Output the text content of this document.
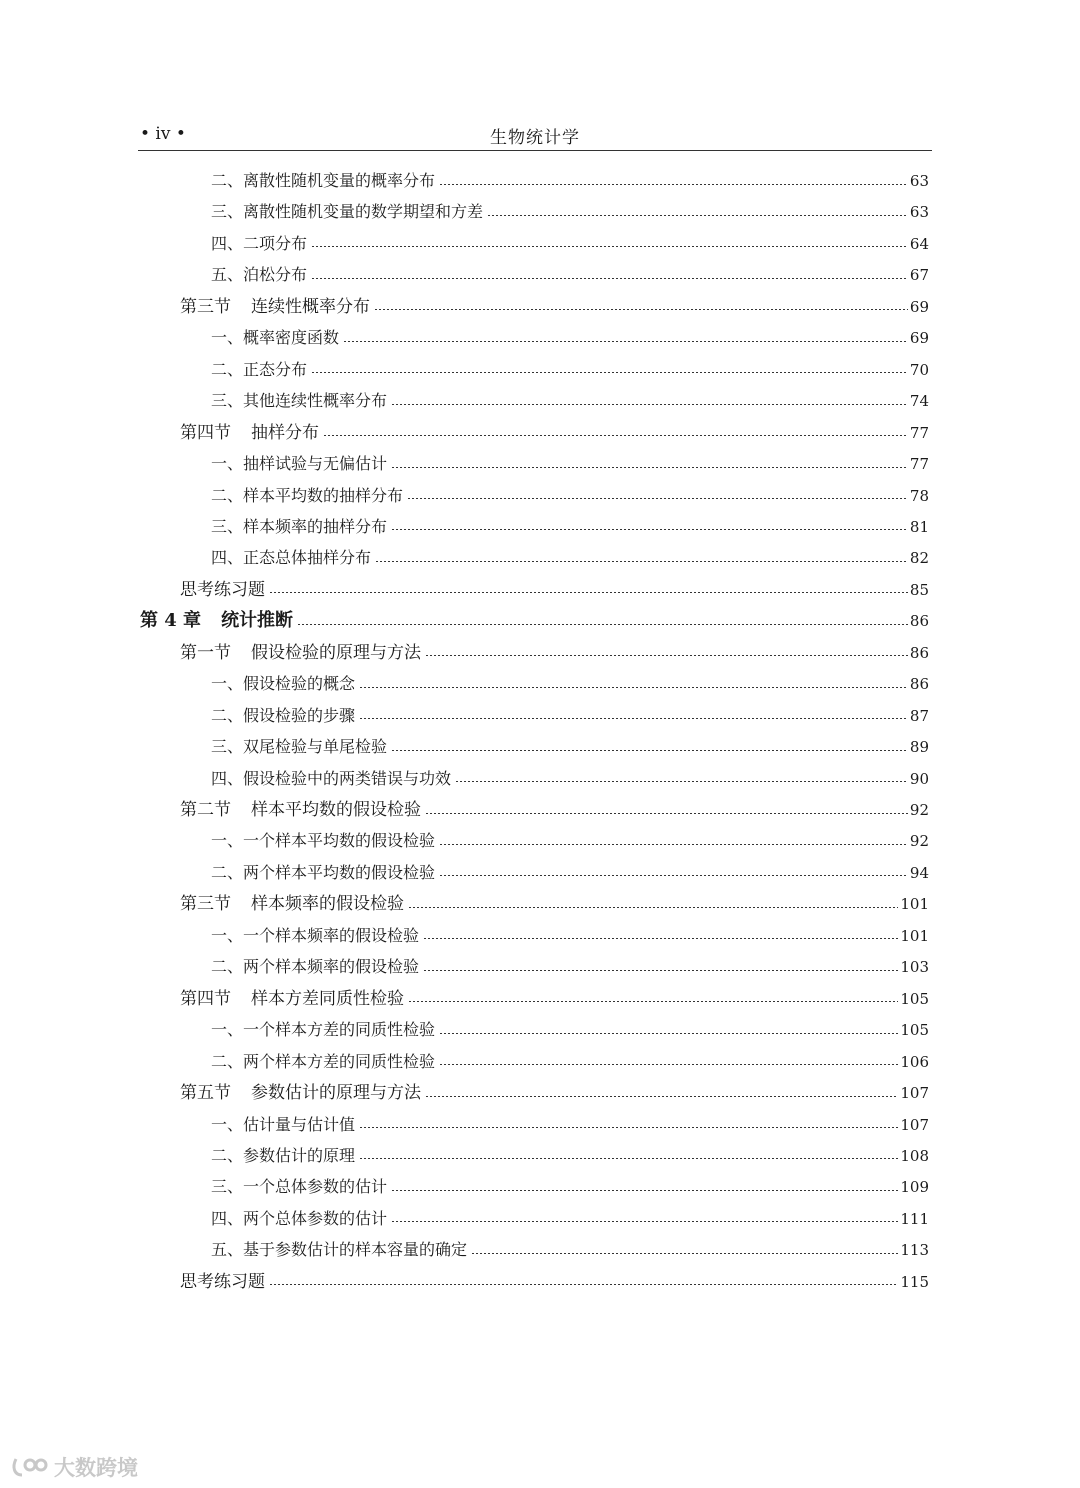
• iv •	生物统计学
二、离散性随机变量的概率分布	63
三、离散性随机变量的数学期望和方差	63
四、二项分布	64
五、泊松分布	67
第三节 连续性概率分布	69
一、概率密度函数	69
二、正态分布	70
三、其他连续性概率分布	74
第四节 抽样分布	77
一、抽样试验与无偏估计	77
二、样本平均数的抽样分布	78
三、样本频率的抽样分布	81
四、正态总体抽样分布	82
思考练习题	85
第 4 章 统计推断	86
第一节 假设检验的原理与方法	86
一、假设检验的概念	86
二、假设检验的步骤	87
三、双尾检验与单尾检验	89
四、假设检验中的两类错误与功效	90
第二节 样本平均数的假设检验	92
一、一个样本平均数的假设检验	92
二、两个样本平均数的假设检验	94
第三节 样本频率的假设检验	101
一、一个样本频率的假设检验	101
二、两个样本频率的假设检验	103
第四节 样本方差同质性检验	105
一、一个样本方差的同质性检验	105
二、两个样本方差的同质性检验	106
第五节 参数估计的原理与方法	107
一、估计量与估计值	107
二、参数估计的原理	108
三、一个总体参数的估计	109
四、两个总体参数的估计	111
五、基于参数估计的样本容量的确定	113
思考练习题	115
大数跨境
